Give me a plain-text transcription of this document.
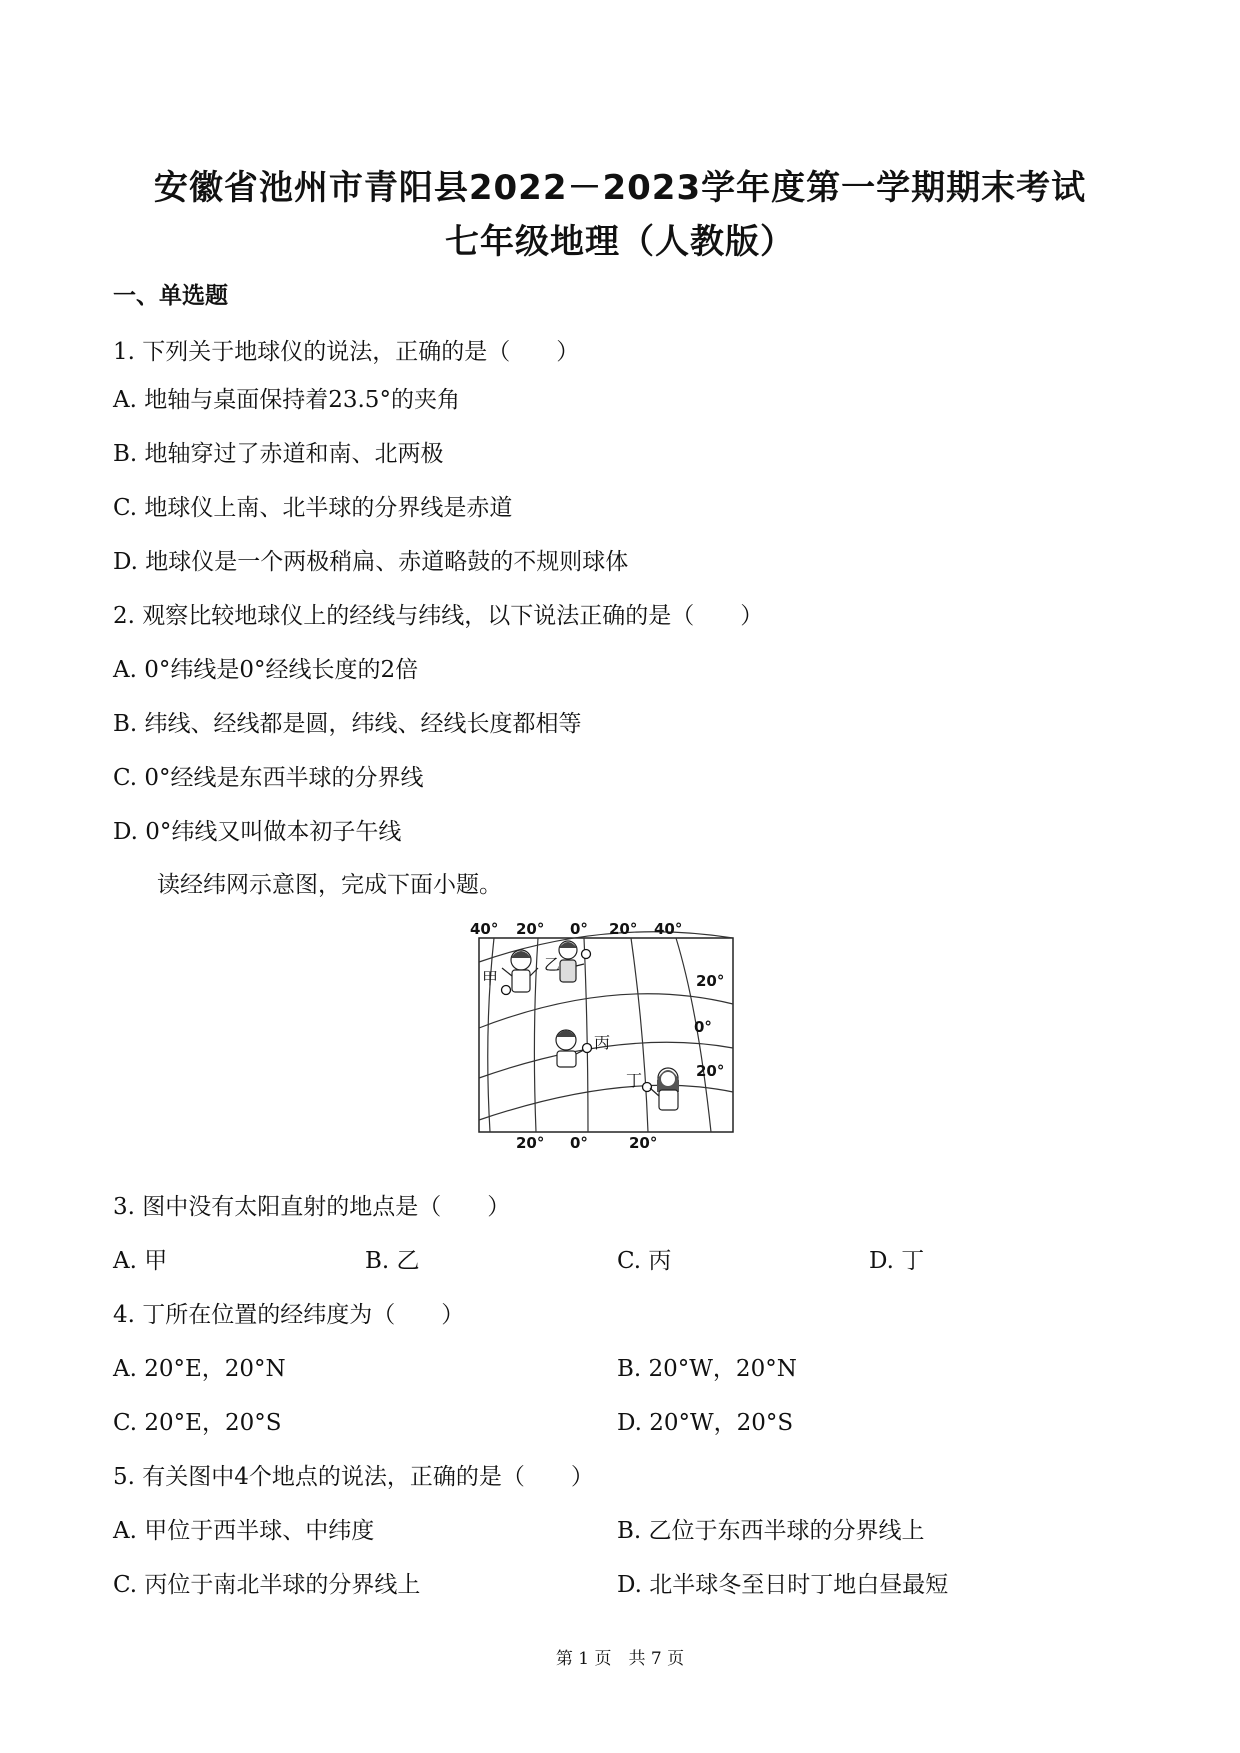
安徽省池州市青阳县2022－2023学年度第一学期期末考试
七年级地理（人教版）
一、单选题
1. 下列关于地球仪的说法，正确的是（　　）
A. 地轴与桌面保持着23.5°的夹角
B. 地轴穿过了赤道和南、北两极
C. 地球仪上南、北半球的分界线是赤道
D. 地球仪是一个两极稍扁、赤道略鼓的不规则球体
2. 观察比较地球仪上的经线与纬线，以下说法正确的是（　　）
A. 0°纬线是0°经线长度的2倍
B. 纬线、经线都是圆，纬线、经线长度都相等
C. 0°经线是东西半球的分界线
D. 0°纬线又叫做本初子午线
读经纬网示意图，完成下面小题。
40° 20° 0° 20° 40°
20° 0°	20°
20°
0°
20°
甲
乙
丙
丁
3. 图中没有太阳直射的地点是（　　）
A. 甲	B. 乙	C. 丙	D. 丁
4. 丁所在位置的经纬度为（　　）
A. 20°E，20°N	B. 20°W，20°N
C. 20°E，20°S	D. 20°W，20°S
5. 有关图中4个地点的说法，正确的是（　　）
A. 甲位于西半球、中纬度	B. 乙位于东西半球的分界线上
C. 丙位于南北半球的分界线上	D. 北半球冬至日时丁地白昼最短
第 1 页　共 7 页
